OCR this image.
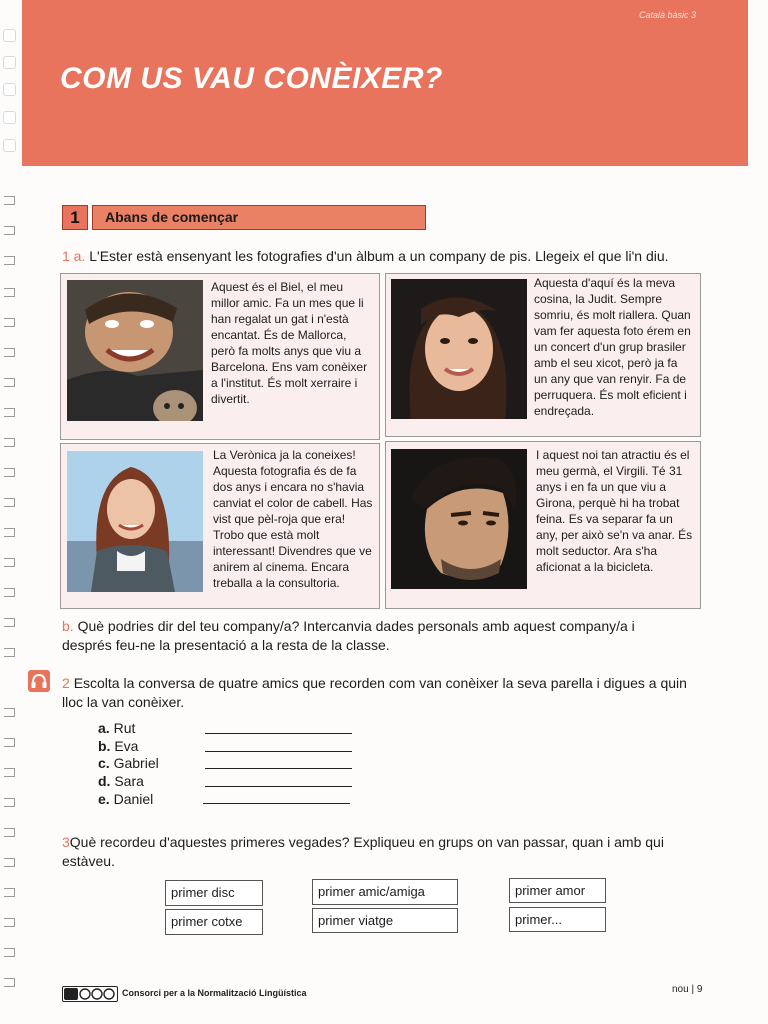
Català bàsic 3
COM US VAU CONÈIXER?
1	Abans de començar
1 a. L'Ester està ensenyant les fotografies d'un àlbum a un company de pis. Llegeix el que li'n diu.
Aquest és el Biel, el meu millor amic. Fa un mes que li han regalat un gat i n'està encantat. És de Mallorca, però fa molts anys que viu a Barcelona. Ens vam conèixer a l'institut. És molt xerraire i divertit.
Aquesta d'aquí és la meva cosina, la Judit. Sempre somriu, és molt riallera. Quan vam fer aquesta foto érem en un concert d'un grup brasiler amb el seu xicot, però ja fa un any que van renyir. Fa de perruquera. És molt eficient i endreçada.
La Verònica ja la coneixes! Aquesta fotografia és de fa dos anys i encara no s'havia canviat el color de cabell. Has vist que pèl-roja que era! Trobo que està molt interessant! Divendres que ve anirem al cinema. Encara treballa a la consultoria.
I aquest noi tan atractiu és el meu germà, el Virgili. Té 31 anys i en fa un que viu a Girona, perquè hi ha trobat feina. Es va separar fa un any, per això se'n va anar. És molt seductor. Ara s'ha aficionat a la bicicleta.
b. Què podries dir del teu company/a? Intercanvia dades personals amb aquest company/a i
després feu-ne la presentació a la resta de la classe.
2 Escolta la conversa de quatre amics que recorden com van conèixer la seva parella i digues a quin
lloc la van conèixer.
a. Rut
b. Eva
c. Gabriel
d. Sara
e. Daniel
3Què recordeu d'aquestes primeres vegades? Expliqueu en grups on van passar, quan i amb qui
estàveu.
primer disc	primer amic/amiga	primer amor
primer cotxe	primer viatge	primer...
Consorci per a la Normalització Lingüística	nou | 9
